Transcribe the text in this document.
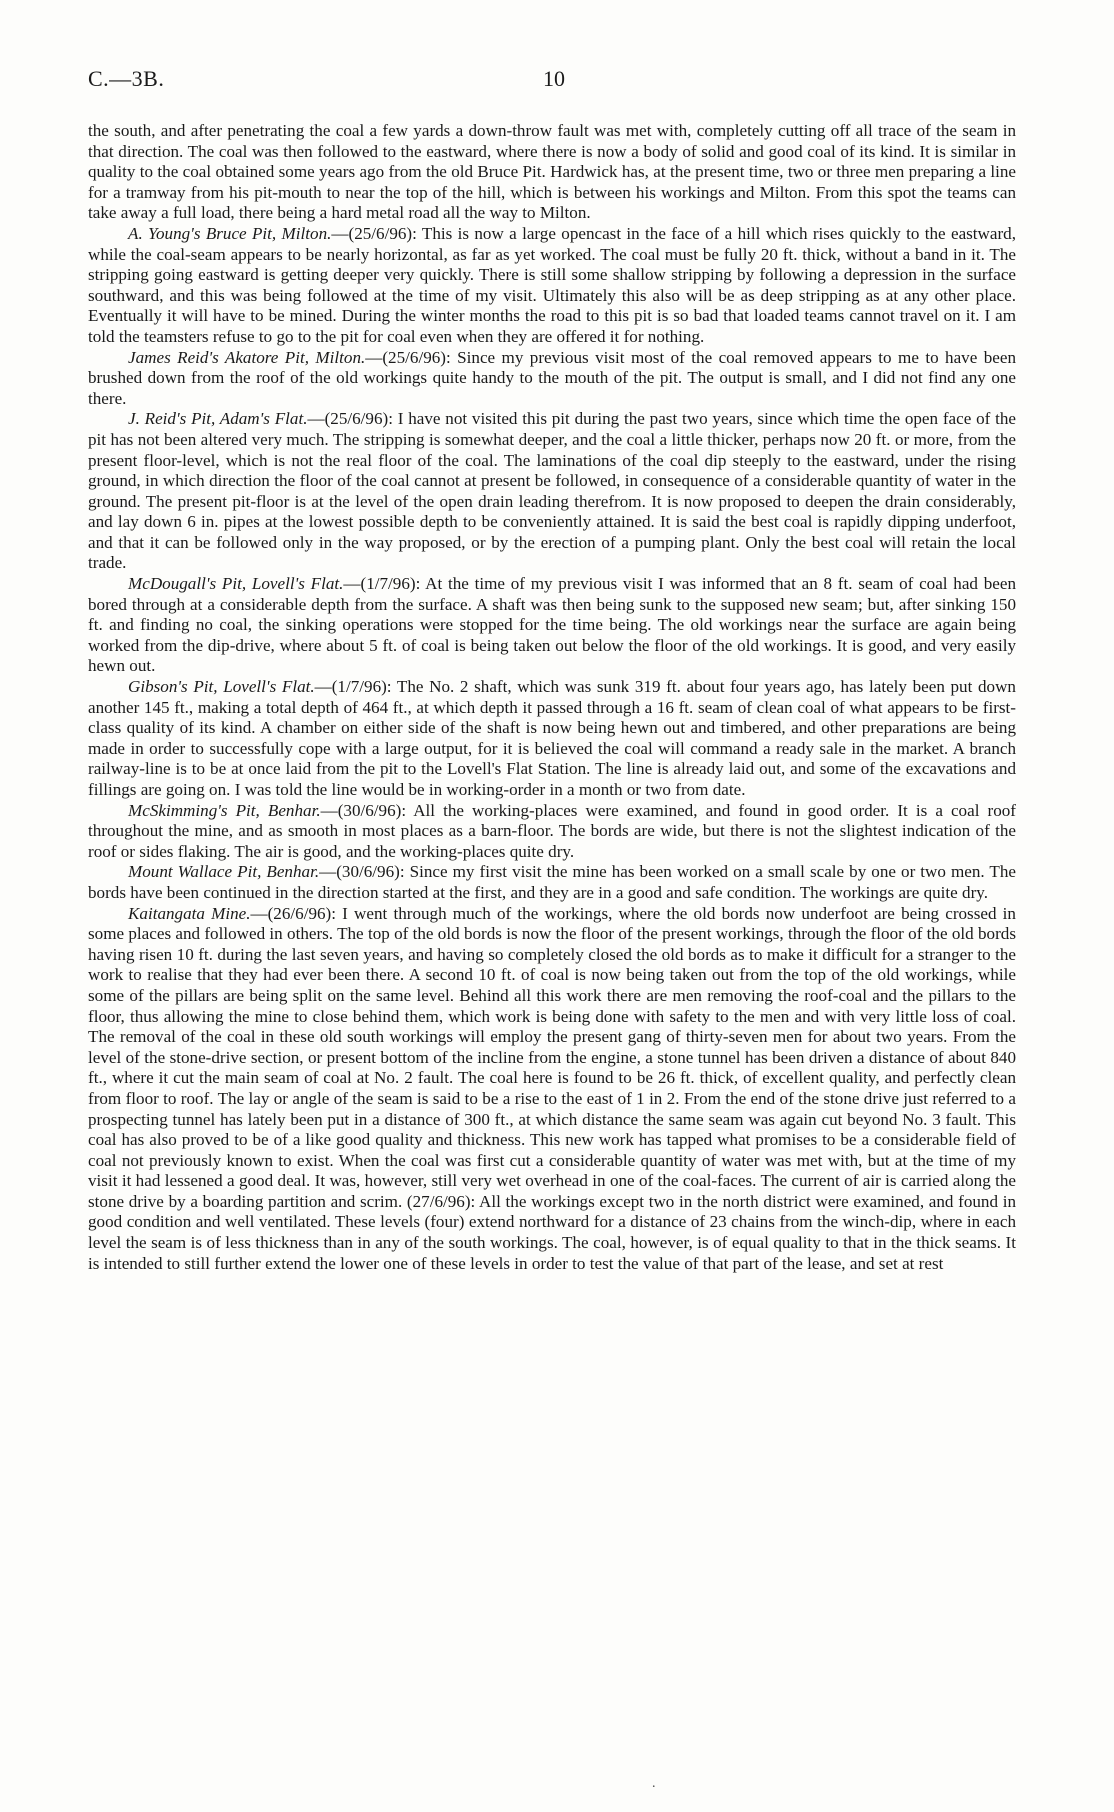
C.—3B.	10

the south, and after penetrating the coal a few yards a down-throw fault was met with, completely cutting off all trace of the seam in that direction. The coal was then followed to the eastward, where there is now a body of solid and good coal of its kind. It is similar in quality to the coal obtained some years ago from the old Bruce Pit. Hardwick has, at the present time, two or three men preparing a line for a tramway from his pit-mouth to near the top of the hill, which is between his workings and Milton. From this spot the teams can take away a full load, there being a hard metal road all the way to Milton.

A. Young's Bruce Pit, Milton.—(25/6/96): This is now a large opencast in the face of a hill which rises quickly to the eastward, while the coal-seam appears to be nearly horizontal, as far as yet worked. The coal must be fully 20 ft. thick, without a band in it. The stripping going eastward is getting deeper very quickly. There is still some shallow stripping by following a depression in the surface southward, and this was being followed at the time of my visit. Ultimately this also will be as deep stripping as at any other place. Eventually it will have to be mined. During the winter months the road to this pit is so bad that loaded teams cannot travel on it. I am told the teamsters refuse to go to the pit for coal even when they are offered it for nothing.

James Reid's Akatore Pit, Milton.—(25/6/96): Since my previous visit most of the coal removed appears to me to have been brushed down from the roof of the old workings quite handy to the mouth of the pit. The output is small, and I did not find any one there.

J. Reid's Pit, Adam's Flat.—(25/6/96): I have not visited this pit during the past two years, since which time the open face of the pit has not been altered very much. The stripping is somewhat deeper, and the coal a little thicker, perhaps now 20 ft. or more, from the present floor-level, which is not the real floor of the coal. The laminations of the coal dip steeply to the eastward, under the rising ground, in which direction the floor of the coal cannot at present be followed, in consequence of a considerable quantity of water in the ground. The present pit-floor is at the level of the open drain leading therefrom. It is now proposed to deepen the drain considerably, and lay down 6 in. pipes at the lowest possible depth to be conveniently attained. It is said the best coal is rapidly dipping underfoot, and that it can be followed only in the way proposed, or by the erection of a pumping plant. Only the best coal will retain the local trade.

McDougall's Pit, Lovell's Flat.—(1/7/96): At the time of my previous visit I was informed that an 8 ft. seam of coal had been bored through at a considerable depth from the surface. A shaft was then being sunk to the supposed new seam; but, after sinking 150 ft. and finding no coal, the sinking operations were stopped for the time being. The old workings near the surface are again being worked from the dip-drive, where about 5 ft. of coal is being taken out below the floor of the old workings. It is good, and very easily hewn out.

Gibson's Pit, Lovell's Flat.—(1/7/96): The No. 2 shaft, which was sunk 319 ft. about four years ago, has lately been put down another 145 ft., making a total depth of 464 ft., at which depth it passed through a 16 ft. seam of clean coal of what appears to be first-class quality of its kind. A chamber on either side of the shaft is now being hewn out and timbered, and other preparations are being made in order to successfully cope with a large output, for it is believed the coal will command a ready sale in the market. A branch railway-line is to be at once laid from the pit to the Lovell's Flat Station. The line is already laid out, and some of the excavations and fillings are going on. I was told the line would be in working-order in a month or two from date.

McSkimming's Pit, Benhar.—(30/6/96): All the working-places were examined, and found in good order. It is a coal roof throughout the mine, and as smooth in most places as a barn-floor. The bords are wide, but there is not the slightest indication of the roof or sides flaking. The air is good, and the working-places quite dry.

Mount Wallace Pit, Benhar.—(30/6/96): Since my first visit the mine has been worked on a small scale by one or two men. The bords have been continued in the direction started at the first, and they are in a good and safe condition. The workings are quite dry.

Kaitangata Mine.—(26/6/96): I went through much of the workings, where the old bords now underfoot are being crossed in some places and followed in others. The top of the old bords is now the floor of the present workings, through the floor of the old bords having risen 10 ft. during the last seven years, and having so completely closed the old bords as to make it difficult for a stranger to the work to realise that they had ever been there. A second 10 ft. of coal is now being taken out from the top of the old workings, while some of the pillars are being split on the same level. Behind all this work there are men removing the roof-coal and the pillars to the floor, thus allowing the mine to close behind them, which work is being done with safety to the men and with very little loss of coal. The removal of the coal in these old south workings will employ the present gang of thirty-seven men for about two years. From the level of the stone-drive section, or present bottom of the incline from the engine, a stone tunnel has been driven a distance of about 840 ft., where it cut the main seam of coal at No. 2 fault. The coal here is found to be 26 ft. thick, of excellent quality, and perfectly clean from floor to roof. The lay or angle of the seam is said to be a rise to the east of 1 in 2. From the end of the stone drive just referred to a prospecting tunnel has lately been put in a distance of 300 ft., at which distance the same seam was again cut beyond No. 3 fault. This coal has also proved to be of a like good quality and thickness. This new work has tapped what promises to be a considerable field of coal not previously known to exist. When the coal was first cut a considerable quantity of water was met with, but at the time of my visit it had lessened a good deal. It was, however, still very wet overhead in one of the coal-faces. The current of air is carried along the stone drive by a boarding partition and scrim. (27/6/96): All the workings except two in the north district were examined, and found in good condition and well ventilated. These levels (four) extend northward for a distance of 23 chains from the winch-dip, where in each level the seam is of less thickness than in any of the south workings. The coal, however, is of equal quality to that in the thick seams. It is intended to still further extend the lower one of these levels in order to test the value of that part of the lease, and set at rest

.
